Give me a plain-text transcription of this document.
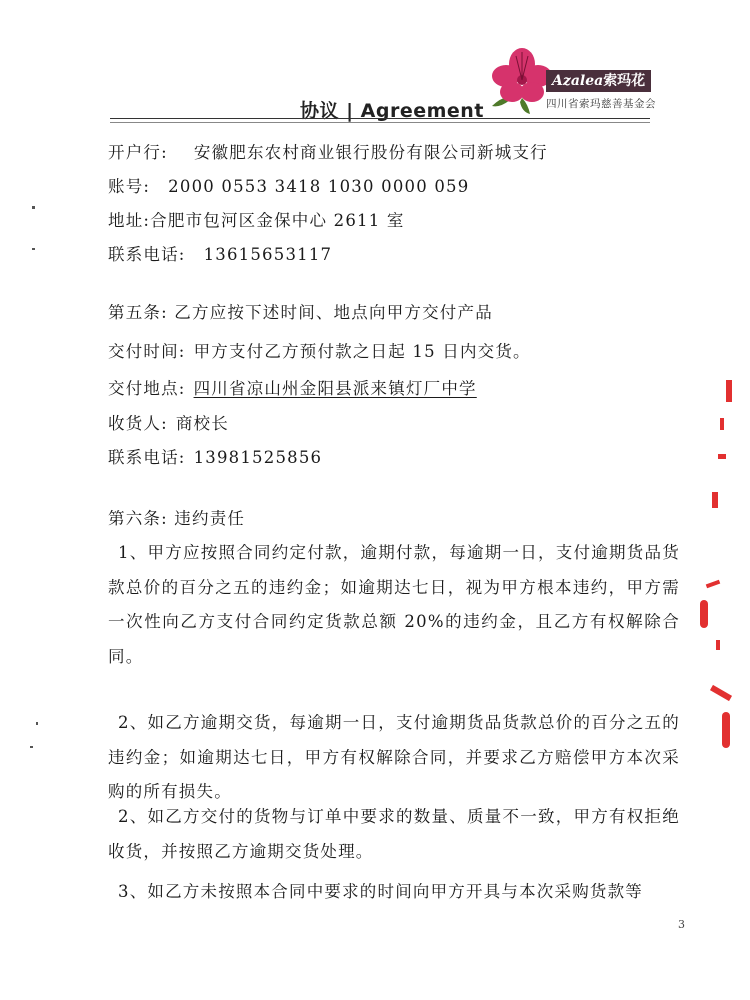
Azalea索玛花
四川省索玛慈善基金会
协议 | Agreement
开户行: 安徽肥东农村商业银行股份有限公司新城支行
账号: 2000 0553 3418 1030 0000 059
地址:合肥市包河区金保中心 2611 室
联系电话: 13615653117
第五条: 乙方应按下述时间、地点向甲方交付产品
交付时间: 甲方支付乙方预付款之日起 15 日内交货。
交付地点: 四川省凉山州金阳县派来镇灯厂中学
收货人: 商校长
联系电话: 13981525856
第六条: 违约责任
1、甲方应按照合同约定付款，逾期付款，每逾期一日，支付逾期货品货款总价的百分之五的违约金；如逾期达七日，视为甲方根本违约，甲方需一次性向乙方支付合同约定货款总额 20%的违约金，且乙方有权解除合同。
2、如乙方逾期交货，每逾期一日，支付逾期货品货款总价的百分之五的违约金；如逾期达七日，甲方有权解除合同，并要求乙方赔偿甲方本次采购的所有损失。
2、如乙方交付的货物与订单中要求的数量、质量不一致，甲方有权拒绝收货，并按照乙方逾期交货处理。
3、如乙方未按照本合同中要求的时间向甲方开具与本次采购货款等
3
